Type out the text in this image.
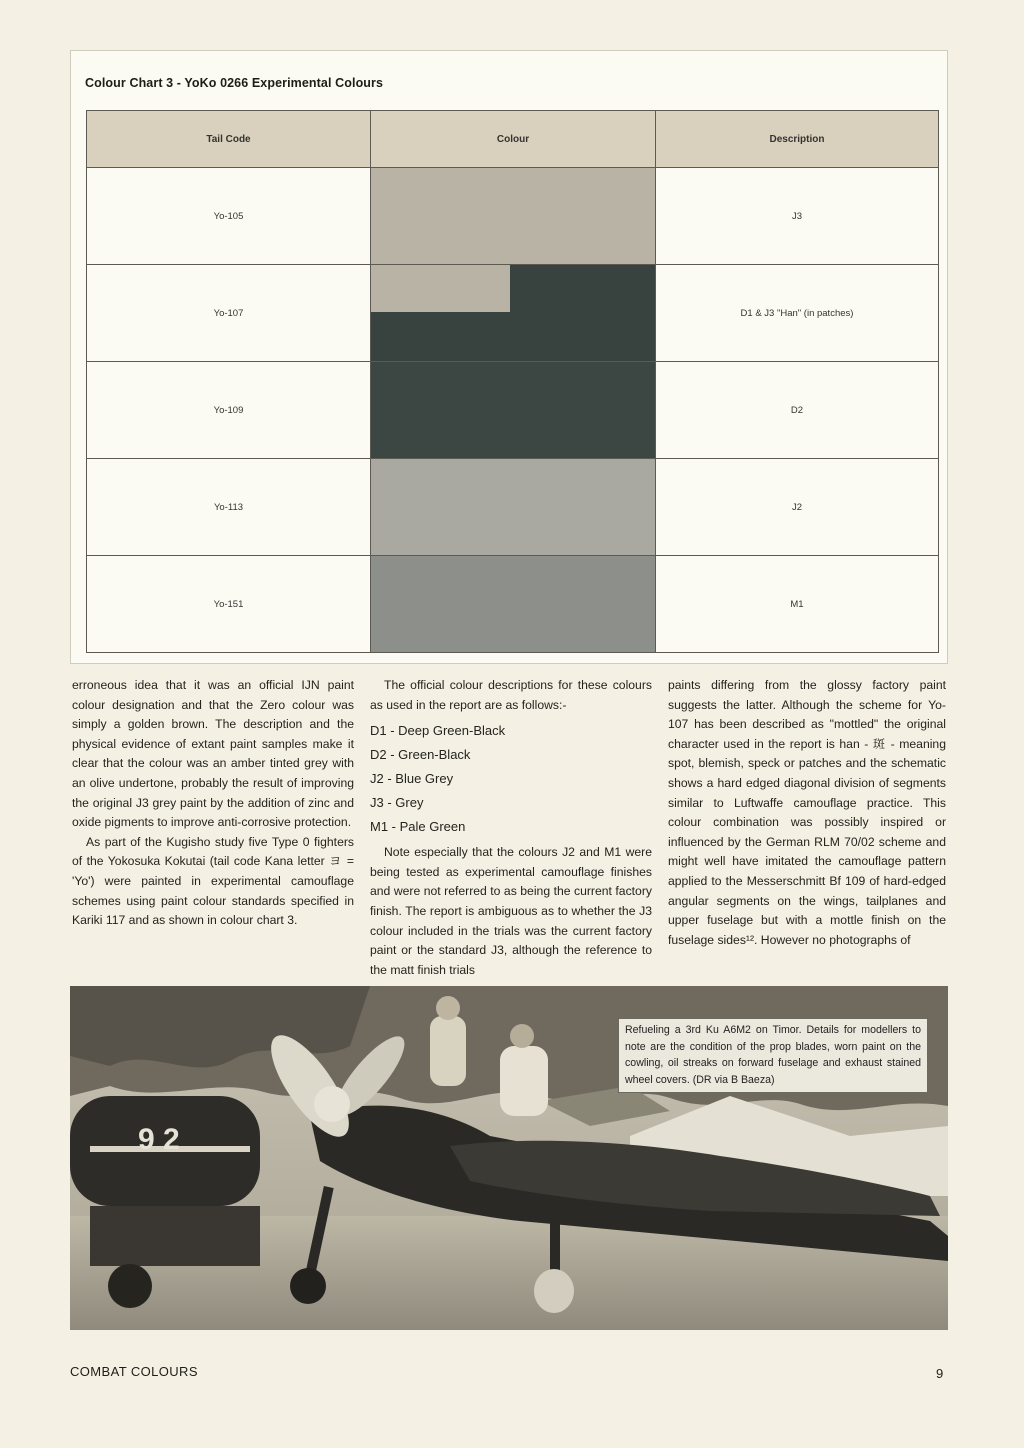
Colour Chart 3 - YoKo 0266 Experimental Colours
Tail Code	Colour	Description
Yo-105		J3
Yo-107		D1 & J3 "Han" (in patches)
Yo-109		D2
Yo-113		J2
Yo-151		M1

erroneous idea that it was an official IJN paint colour designation and that the Zero colour was simply a golden brown. The description and the physical evidence of extant paint samples make it clear that the colour was an amber tinted grey with an olive undertone, probably the result of improving the original J3 grey paint by the addition of zinc and oxide pigments to improve anti-corrosive protection.

As part of the Kugisho study five Type 0 fighters of the Yokosuka Kokutai (tail code Kana letter ヨ = 'Yo') were painted in experimental camouflage schemes using paint colour standards specified in Kariki 117 and as shown in colour chart 3.

The official colour descriptions for these colours as used in the report are as follows:-

D1 - Deep Green-Black
D2 - Green-Black
J2 - Blue Grey
J3 - Grey
M1 - Pale Green

Note especially that the colours J2 and M1 were being tested as experimental camouflage finishes and were not referred to as being the current factory finish. The report is ambiguous as to whether the J3 colour included in the trials was the current factory paint or the standard J3, although the reference to the matt finish trials

paints differing from the glossy factory paint suggests the latter. Although the scheme for Yo-107 has been described as "mottled" the original character used in the report is han - 斑 - meaning spot, blemish, speck or patches and the schematic shows a hard edged diagonal division of segments similar to Luftwaffe camouflage practice. This colour combination was possibly inspired or influenced by the German RLM 70/02 scheme and might well have imitated the camouflage pattern applied to the Messerschmitt Bf 109 of hard-edged angular segments on the wings, tailplanes and upper fuselage but with a mottle finish on the fuselage sides¹². However no photographs of

9 2
Refueling a 3rd Ku A6M2 on Timor. Details for modellers to note are the condition of the prop blades, worn paint on the cowling, oil streaks on forward fuselage and exhaust stained wheel covers. (DR via B Baeza)
COMBAT COLOURS	9
